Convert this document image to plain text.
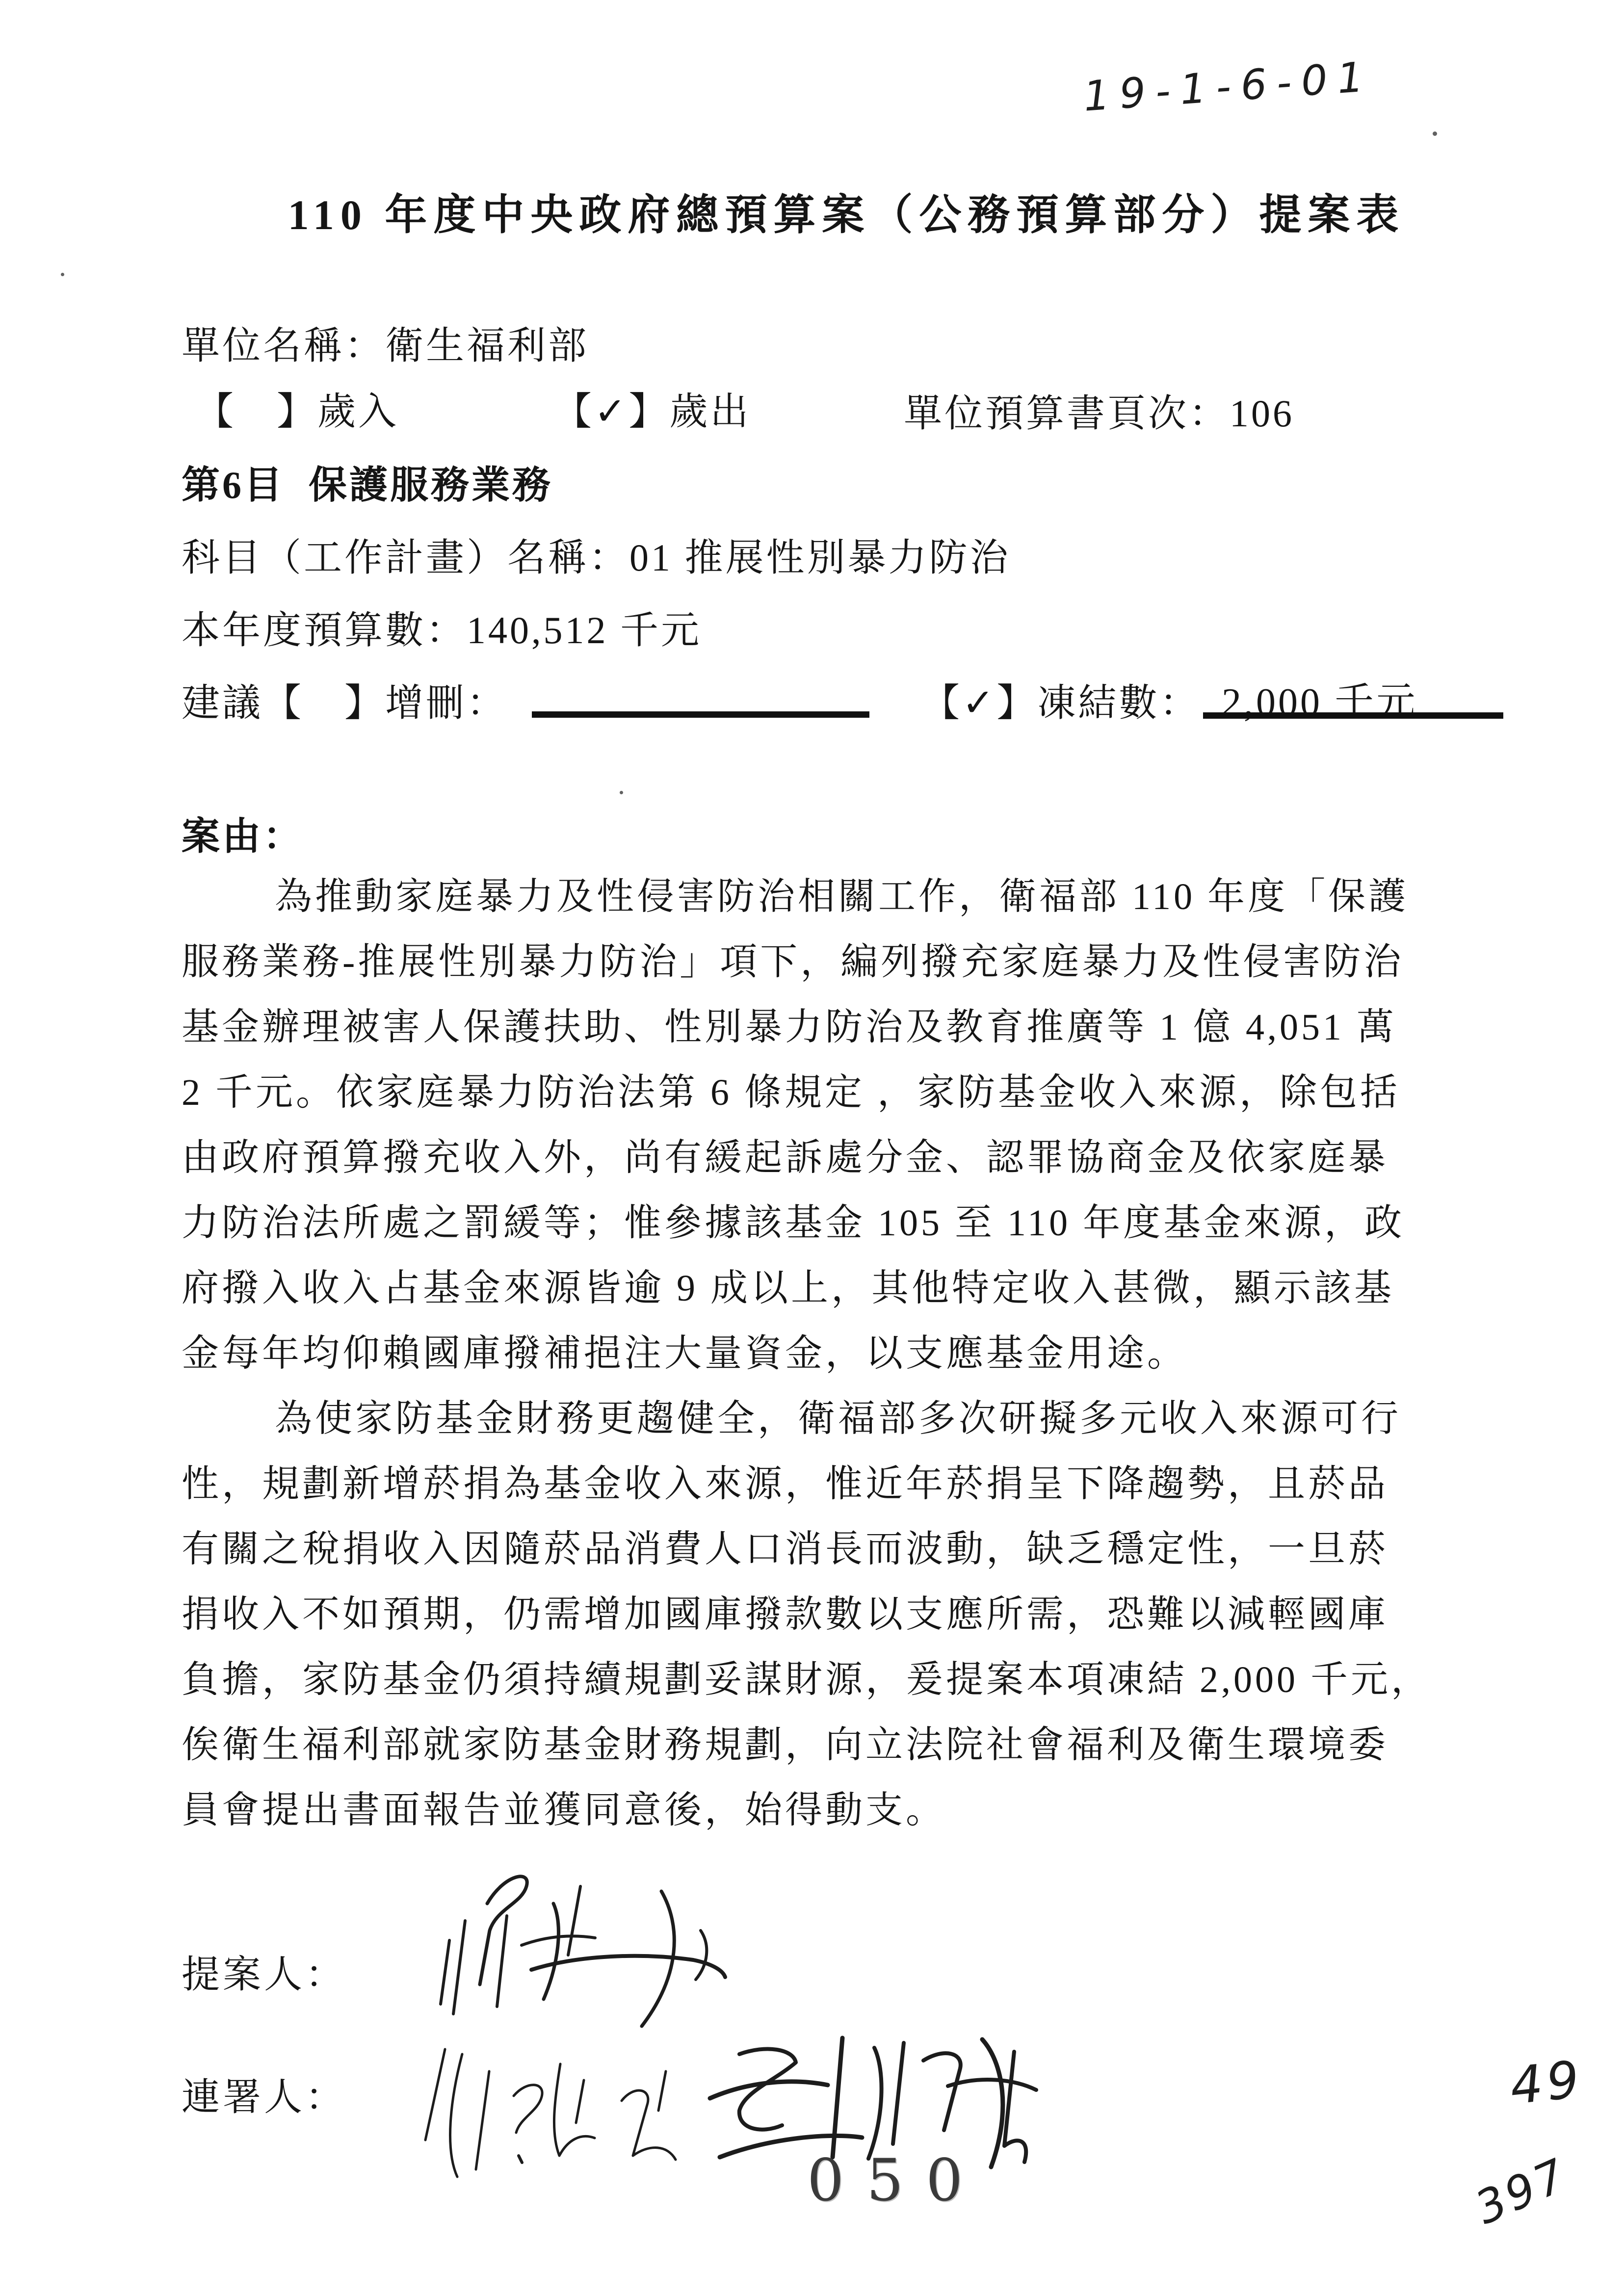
19-1-6-01
110 年度中央政府總預算案（公務預算部分）提案表
單位名稱：衛生福利部
【　】歲入	【✓】歲出	單位預算書頁次：106
第6目  保護服務業務
科目（工作計畫）名稱：01 推展性別暴力防治
本年度預算數：140,512 千元
建議【　】增刪：	【✓】凍結數： 2,000 千元
案由：
為推動家庭暴力及性侵害防治相關工作，衛福部 110 年度「保護
服務業務-推展性別暴力防治」項下，編列撥充家庭暴力及性侵害防治
基金辦理被害人保護扶助、性別暴力防治及教育推廣等 1 億 4,051 萬
2 千元。依家庭暴力防治法第 6 條規定 ，家防基金收入來源，除包括
由政府預算撥充收入外，尚有緩起訴處分金、認罪協商金及依家庭暴
力防治法所處之罰緩等；惟參據該基金 105 至 110 年度基金來源，政
府撥入收入占基金來源皆逾 9 成以上，其他特定收入甚微，顯示該基
金每年均仰賴國庫撥補挹注大量資金，以支應基金用途。
為使家防基金財務更趨健全，衛福部多次研擬多元收入來源可行
性，規劃新增菸捐為基金收入來源，惟近年菸捐呈下降趨勢，且菸品
有關之稅捐收入因隨菸品消費人口消長而波動，缺乏穩定性，一旦菸
捐收入不如預期，仍需增加國庫撥款數以支應所需，恐難以減輕國庫
負擔，家防基金仍須持續規劃妥謀財源，爰提案本項凍結 2,000 千元，
俟衛生福利部就家防基金財務規劃，向立法院社會福利及衛生環境委
員會提出書面報告並獲同意後，始得動支。
提案人：
連署人：
050
49
397
